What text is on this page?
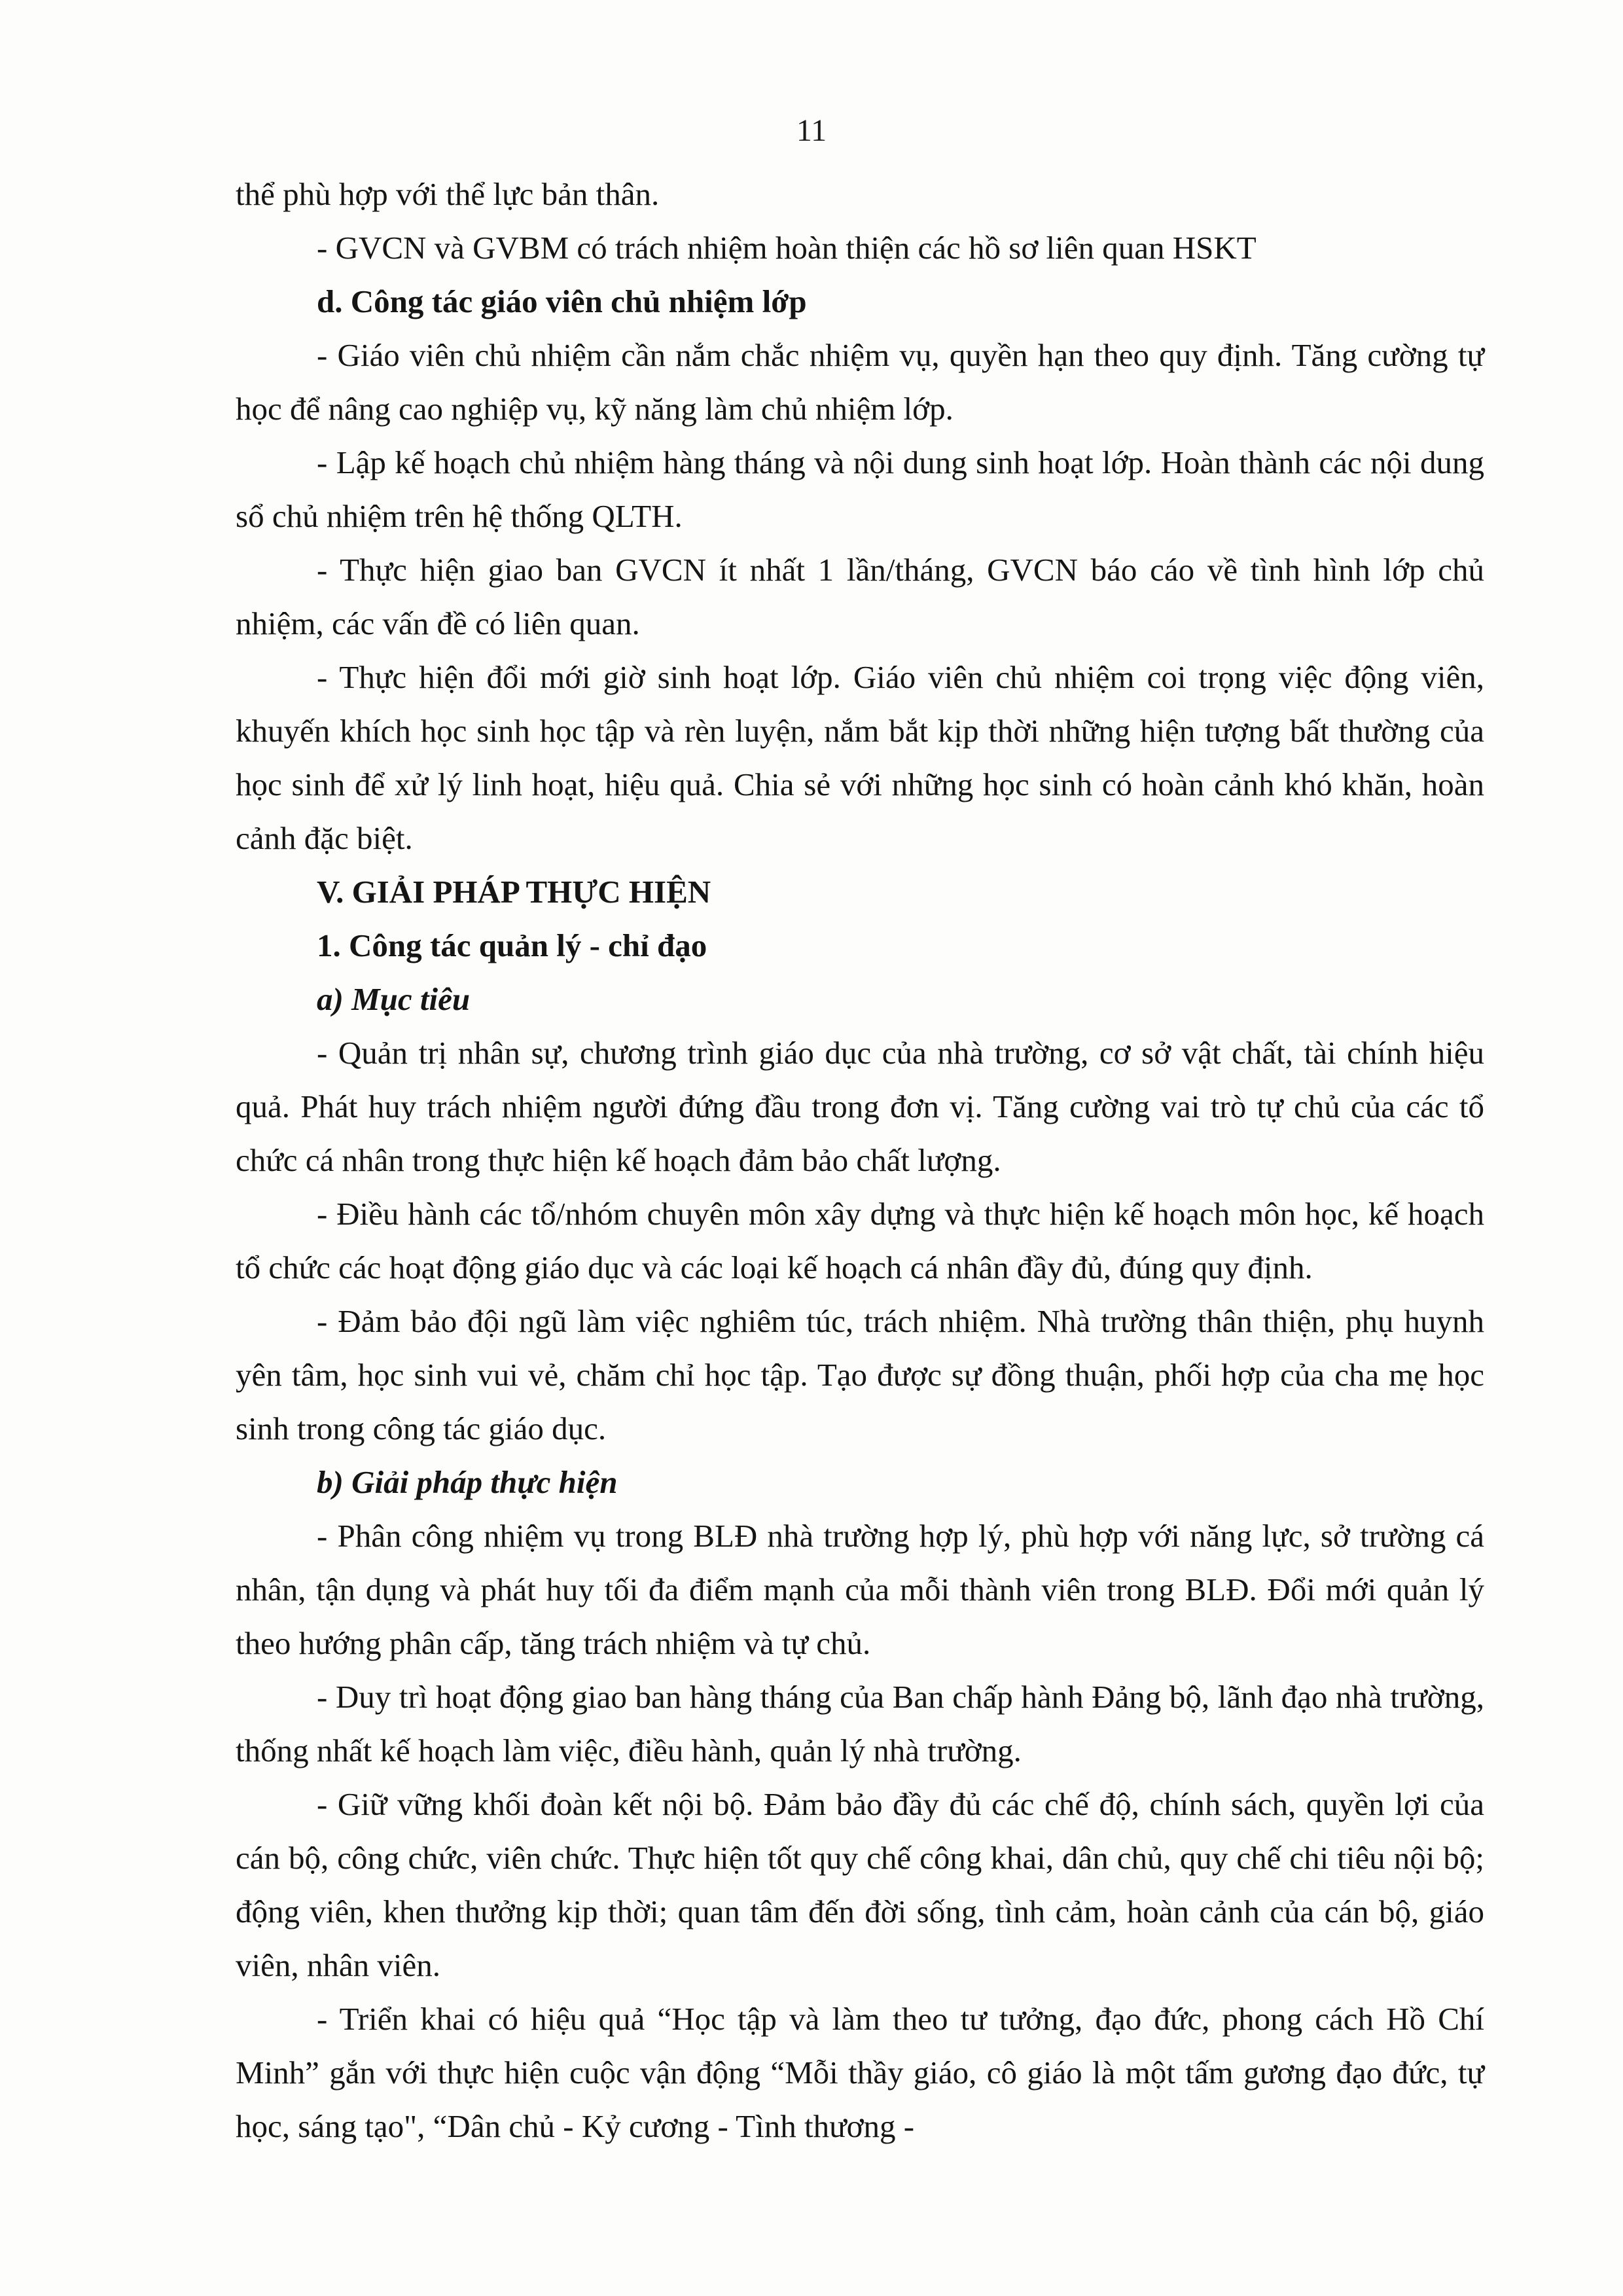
11

thể phù hợp với thể lực bản thân.

- GVCN và GVBM có trách nhiệm hoàn thiện các hồ sơ liên quan HSKT

d. Công tác giáo viên chủ nhiệm lớp

- Giáo viên chủ nhiệm cần nắm chắc nhiệm vụ, quyền hạn theo quy định. Tăng cường tự học để nâng cao nghiệp vụ, kỹ năng làm chủ nhiệm lớp.

- Lập kế hoạch chủ nhiệm hàng tháng và nội dung sinh hoạt lớp. Hoàn thành các nội dung sổ chủ nhiệm trên hệ thống QLTH.

- Thực hiện giao ban GVCN ít nhất 1 lần/tháng, GVCN báo cáo về tình hình lớp chủ nhiệm, các vấn đề có liên quan.

- Thực hiện đổi mới giờ sinh hoạt lớp. Giáo viên chủ nhiệm coi trọng việc động viên, khuyến khích học sinh học tập và rèn luyện, nắm bắt kịp thời những hiện tượng bất thường của học sinh để xử lý linh hoạt, hiệu quả. Chia sẻ với những học sinh có hoàn cảnh khó khăn, hoàn cảnh đặc biệt.

V. GIẢI PHÁP THỰC HIỆN

1. Công tác quản lý - chỉ đạo

a) Mục tiêu

- Quản trị nhân sự, chương trình giáo dục của nhà trường, cơ sở vật chất, tài chính hiệu quả. Phát huy trách nhiệm người đứng đầu trong đơn vị. Tăng cường vai trò tự chủ của các tổ chức cá nhân trong thực hiện kế hoạch đảm bảo chất lượng.

- Điều hành các tổ/nhóm chuyên môn xây dựng và thực hiện kế hoạch môn học, kế hoạch tổ chức các hoạt động giáo dục và các loại kế hoạch cá nhân đầy đủ, đúng quy định.

- Đảm bảo đội ngũ làm việc nghiêm túc, trách nhiệm. Nhà trường thân thiện, phụ huynh yên tâm, học sinh vui vẻ, chăm chỉ học tập. Tạo được sự đồng thuận, phối hợp của cha mẹ học sinh trong công tác giáo dục.

b) Giải pháp thực hiện

- Phân công nhiệm vụ trong BLĐ nhà trường hợp lý, phù hợp với năng lực, sở trường cá nhân, tận dụng và phát huy tối đa điểm mạnh của mỗi thành viên trong BLĐ. Đổi mới quản lý theo hướng phân cấp, tăng trách nhiệm và tự chủ.

- Duy trì hoạt động giao ban hàng tháng của Ban chấp hành Đảng bộ, lãnh đạo nhà trường, thống nhất kế hoạch làm việc, điều hành, quản lý nhà trường.

- Giữ vững khối đoàn kết nội bộ. Đảm bảo đầy đủ các chế độ, chính sách, quyền lợi của cán bộ, công chức, viên chức. Thực hiện tốt quy chế công khai, dân chủ, quy chế chi tiêu nội bộ; động viên, khen thưởng kịp thời; quan tâm đến đời sống, tình cảm, hoàn cảnh của cán bộ, giáo viên, nhân viên.

- Triển khai có hiệu quả “Học tập và làm theo tư tưởng, đạo đức, phong cách Hồ Chí Minh” gắn với thực hiện cuộc vận động “Mỗi thầy giáo, cô giáo là một tấm gương đạo đức, tự học, sáng tạo", “Dân chủ - Kỷ cương - Tình thương -
